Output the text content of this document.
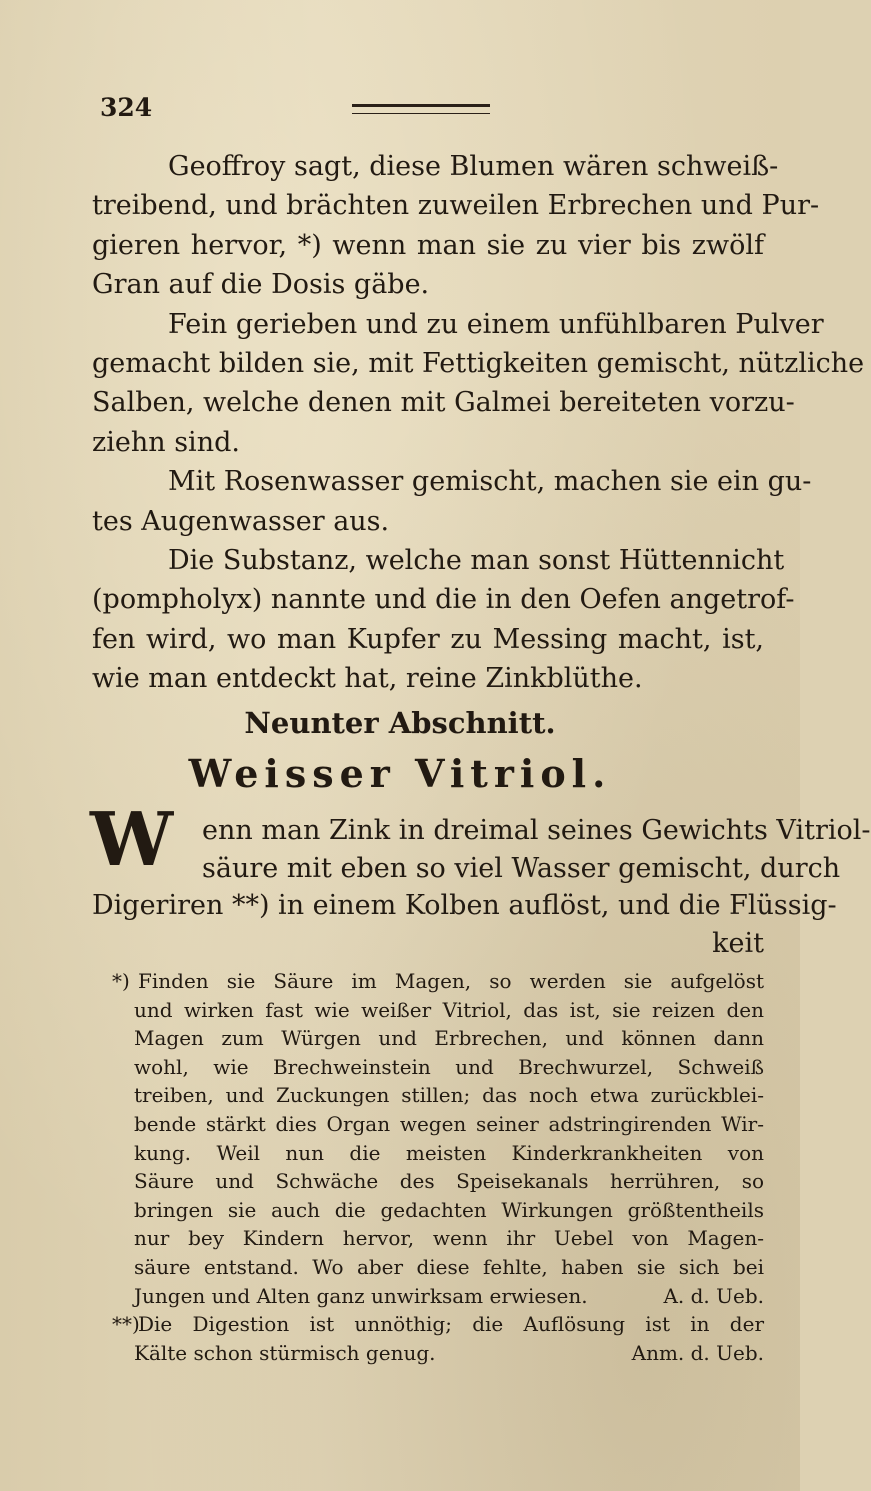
324
Geoffroy sagt, diese Blumen wären schweiß-
treibend, und brächten zuweilen Erbrechen und Pur-
gieren hervor, *) wenn man sie zu vier bis zwölf
Gran auf die Dosis gäbe.
Fein gerieben und zu einem unfühlbaren Pulver
gemacht bilden sie, mit Fettigkeiten gemischt, nützliche
Salben, welche denen mit Galmei bereiteten vorzu-
ziehn sind.
Mit Rosenwasser gemischt, machen sie ein gu-
tes Augenwasser aus.
Die Substanz, welche man sonst Hüttennicht
(pompholyx) nannte und die in den Oefen angetrof-
fen wird, wo man Kupfer zu Messing macht, ist,
wie man entdeckt hat, reine Zinkblüthe.
Neunter Abschnitt.
Weisser Vitriol.
W	enn man Zink in dreimal seines Gewichts Vitriol-
säure mit eben so viel Wasser gemischt, durch
Digeriren **) in einem Kolben auflöst, und die Flüssig-
keit
*) Finden sie Säure im Magen, so werden sie aufgelöst
und wirken fast wie weißer Vitriol, das ist, sie reizen den
Magen zum Würgen und Erbrechen, und können dann
wohl, wie Brechweinstein und Brechwurzel, Schweiß
treiben, und Zuckungen stillen; das noch etwa zurückblei-
bende stärkt dies Organ wegen seiner adstringirenden Wir-
kung. Weil nun die meisten Kinderkrankheiten von
Säure und Schwäche des Speisekanals herrühren, so
bringen sie auch die gedachten Wirkungen größtentheils
nur bey Kindern hervor, wenn ihr Uebel von Magen-
säure entstand. Wo aber diese fehlte, haben sie sich bei
Jungen und Alten ganz unwirksam erwiesen.	A. d. Ueb.
**)Die Digestion ist unnöthig; die Auflösung ist in der
Kälte schon stürmisch genug.	Anm. d. Ueb.
